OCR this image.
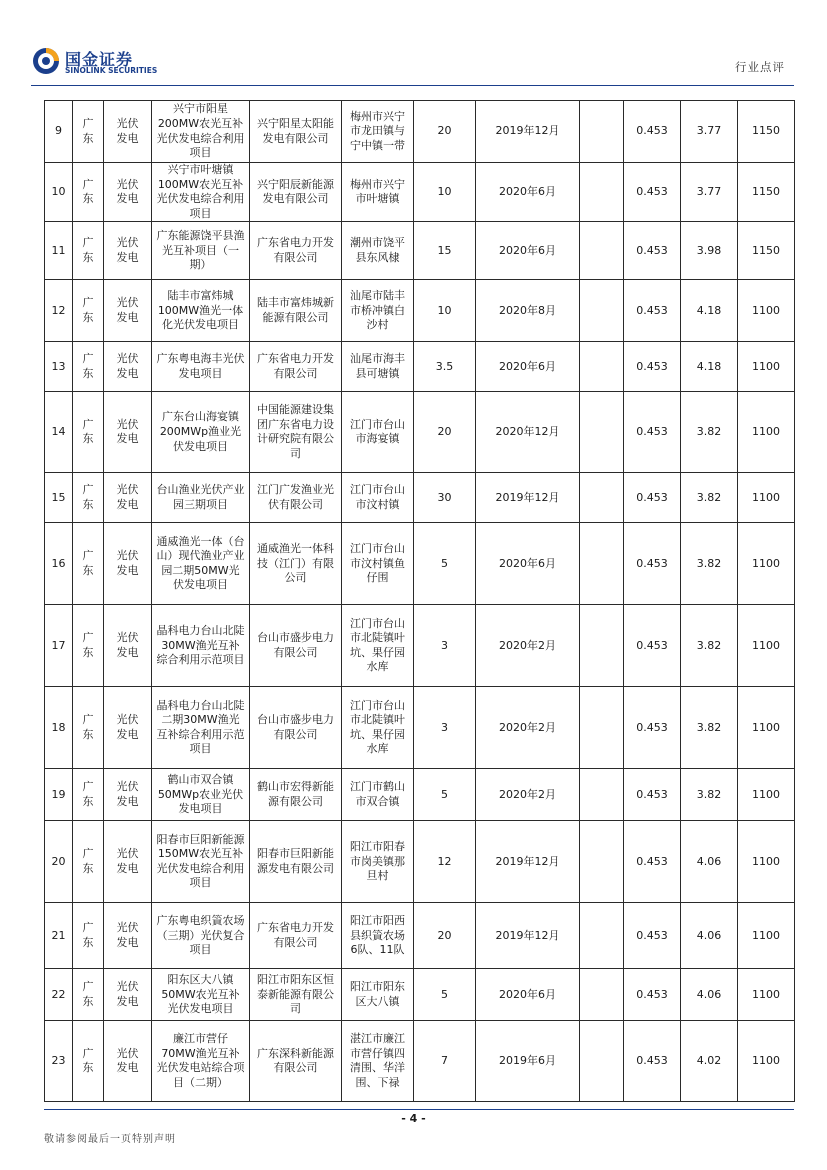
国金证券
SINOLINK SECURITIES	行业点评
9	广东	光伏发电	兴宁市阳星200MW农光互补光伏发电综合利用项目	兴宁阳星太阳能发电有限公司	梅州市兴宁市龙田镇与宁中镇一带	20	2019年12月		0.453	3.77	1150
10	广东	光伏发电	兴宁市叶塘镇100MW农光互补光伏发电综合利用项目	兴宁阳辰新能源发电有限公司	梅州市兴宁市叶塘镇	10	2020年6月		0.453	3.77	1150
11	广东	光伏发电	广东能源饶平县渔光互补项目（一期）	广东省电力开发有限公司	潮州市饶平县东风棣	15	2020年6月		0.453	3.98	1150
12	广东	光伏发电	陆丰市富炜城100MW渔光一体化光伏发电项目	陆丰市富炜城新能源有限公司	汕尾市陆丰市桥冲镇白沙村	10	2020年8月		0.453	4.18	1100
13	广东	光伏发电	广东粤电海丰光伏发电项目	广东省电力开发有限公司	汕尾市海丰县可塘镇	3.5	2020年6月		0.453	4.18	1100
14	广东	光伏发电	广东台山海宴镇200MWp渔业光伏发电项目	中国能源建设集团广东省电力设计研究院有限公司	江门市台山市海宴镇	20	2020年12月		0.453	3.82	1100
15	广东	光伏发电	台山渔业光伏产业园三期项目	江门广发渔业光伏有限公司	江门市台山市汶村镇	30	2019年12月		0.453	3.82	1100
16	广东	光伏发电	通威渔光一体（台山）现代渔业产业园二期50MW光伏发电项目	通威渔光一体科技（江门）有限公司	江门市台山市汶村镇鱼仔围	5	2020年6月		0.453	3.82	1100
17	广东	光伏发电	晶科电力台山北陡30MW渔光互补综合利用示范项目	台山市盛步电力有限公司	江门市台山市北陡镇叶坑、果仔园水库	3	2020年2月		0.453	3.82	1100
18	广东	光伏发电	晶科电力台山北陡二期30MW渔光互补综合利用示范项目	台山市盛步电力有限公司	江门市台山市北陡镇叶坑、果仔园水库	3	2020年2月		0.453	3.82	1100
19	广东	光伏发电	鹤山市双合镇50MWp农业光伏发电项目	鹤山市宏得新能源有限公司	江门市鹤山市双合镇	5	2020年2月		0.453	3.82	1100
20	广东	光伏发电	阳春市巨阳新能源150MW农光互补光伏发电综合利用项目	阳春市巨阳新能源发电有限公司	阳江市阳春市岗美镇那旦村	12	2019年12月		0.453	4.06	1100
21	广东	光伏发电	广东粤电织篢农场（三期）光伏复合项目	广东省电力开发有限公司	阳江市阳西县织篢农场6队、11队	20	2019年12月		0.453	4.06	1100
22	广东	光伏发电	阳东区大八镇50MW农光互补光伏发电项目	阳江市阳东区恒泰新能源有限公司	阳江市阳东区大八镇	5	2020年6月		0.453	4.06	1100
23	广东	光伏发电	廉江市营仔70MW渔光互补光伏发电站综合项目（二期）	广东深科新能源有限公司	湛江市廉江市营仔镇四清围、华洋围、下禄	7	2019年6月		0.453	4.02	1100
- 4 -
敬请参阅最后一页特别声明
